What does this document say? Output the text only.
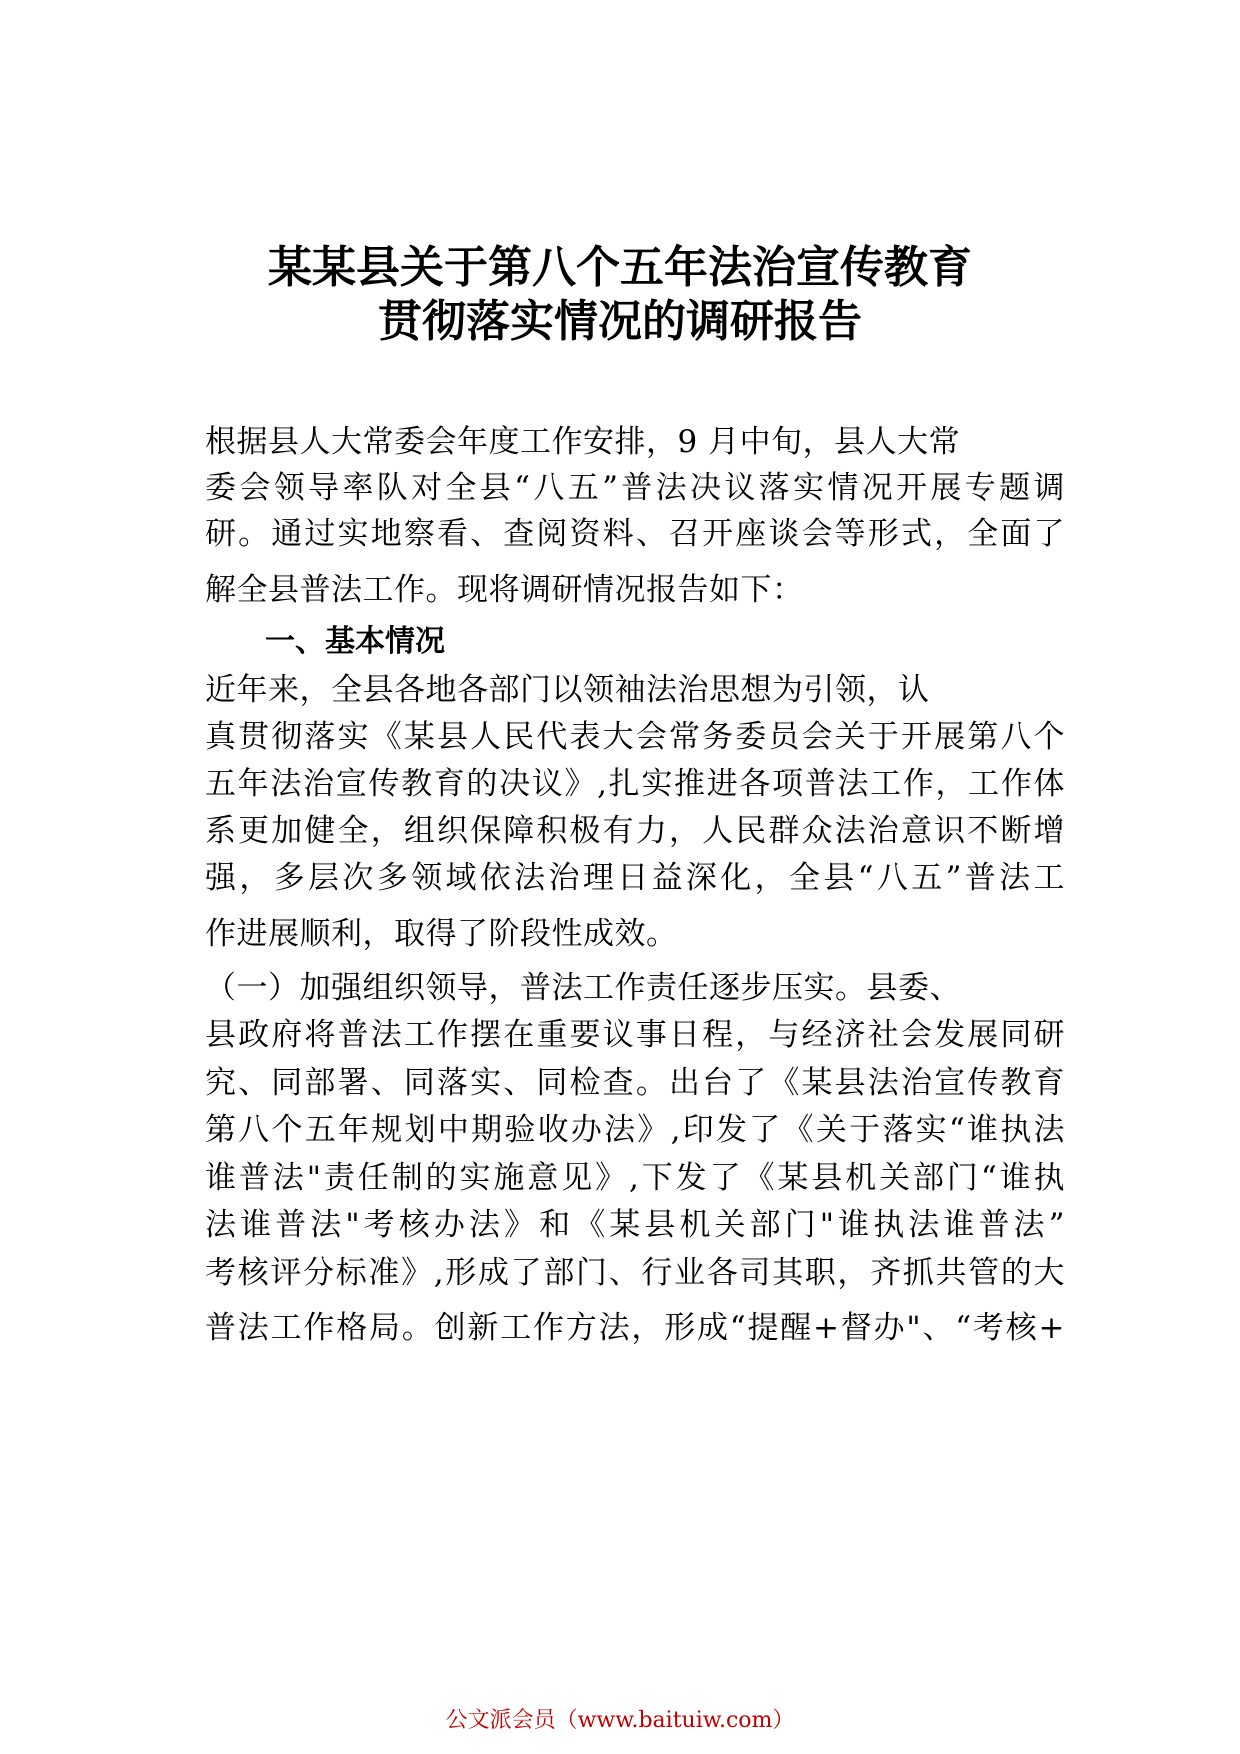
某某县关于第八个五年法治宣传教育
贯彻落实情况的调研报告
根据县人大常委会年度工作安排，9 月中旬，县人大常
委会领导率队对全县“八五”普法决议落实情况开展专题调
研。通过实地察看、查阅资料、召开座谈会等形式，全面了
解全县普法工作。现将调研情况报告如下：
一、基本情况
近年来，全县各地各部门以领袖法治思想为引领，认
真贯彻落实《某县人民代表大会常务委员会关于开展第八个
五年法治宣传教育的决议》,扎实推进各项普法工作，工作体
系更加健全，组织保障积极有力，人民群众法治意识不断增
强，多层次多领域依法治理日益深化，全县“八五”普法工
作进展顺利，取得了阶段性成效。
（一）加强组织领导，普法工作责任逐步压实。县委、
县政府将普法工作摆在重要议事日程，与经济社会发展同研
究、同部署、同落实、同检查。出台了《某县法治宣传教育
第八个五年规划中期验收办法》,印发了《关于落实“谁执法
谁普法"责任制的实施意见》,下发了《某县机关部门“谁执
法谁普法"考核办法》和《某县机关部门"谁执法谁普法”
考核评分标准》,形成了部门、行业各司其职，齐抓共管的大
普法工作格局。创新工作方法，形成“提醒+督办"、“考核+
公文派会员（www.baituiw.com）
